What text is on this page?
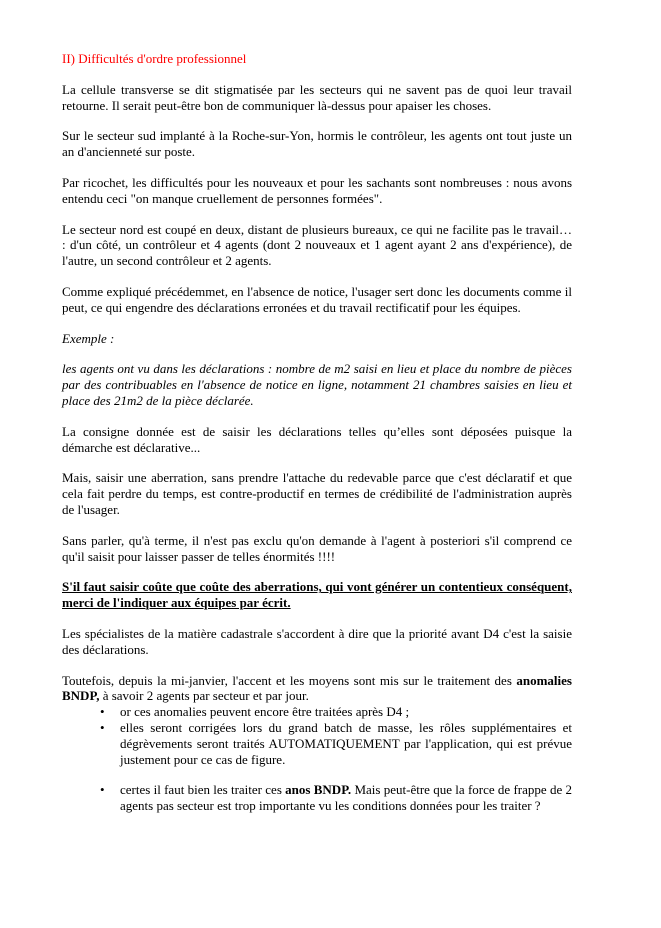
II) Difficultés d'ordre professionnel

La cellule transverse se dit stigmatisée par les secteurs qui ne savent pas de quoi leur travail retourne. Il serait peut-être bon de communiquer là-dessus pour apaiser les choses.

Sur le secteur sud implanté à la Roche-sur-Yon, hormis le contrôleur, les agents ont tout juste un an d'ancienneté sur poste.

Par ricochet, les difficultés pour les nouveaux et pour les sachants sont nombreuses : nous avons entendu ceci "on manque cruellement de personnes formées".

Le secteur nord est coupé en deux, distant de plusieurs bureaux, ce qui ne facilite pas le travail… : d'un côté, un contrôleur et 4 agents (dont 2 nouveaux et 1 agent ayant 2 ans d'expérience), de l'autre, un second contrôleur et 2 agents.

Comme expliqué précédemmet, en l'absence de notice, l'usager sert donc les documents comme il peut, ce qui engendre des déclarations erronées et du travail rectificatif pour les équipes.

Exemple :

les agents ont vu dans les déclarations : nombre de m2 saisi en lieu et place du nombre de pièces par des contribuables en l'absence de notice en ligne, notamment 21 chambres saisies en lieu et place des 21m2 de la pièce déclarée.

La consigne donnée est de saisir les déclarations telles qu’elles sont déposées puisque la démarche est déclarative...

Mais, saisir une aberration, sans prendre l'attache du redevable parce que c'est déclaratif et que cela fait perdre du temps, est contre-productif en termes de crédibilité de l'administration auprès de l'usager.

Sans parler, qu'à terme, il n'est pas exclu qu'on demande à l'agent à posteriori s'il comprend ce qu'il saisit pour laisser passer de telles énormités !!!!

S'il faut saisir coûte que coûte des aberrations, qui vont générer un contentieux conséquent, merci de l'indiquer aux équipes par écrit.

Les spécialistes de la matière cadastrale s'accordent à dire que la priorité avant D4 c'est la saisie des déclarations.

Toutefois, depuis la mi-janvier, l'accent et les moyens sont mis sur le traitement des anomalies BNDP, à savoir 2 agents par secteur et par jour.

•	or ces anomalies peuvent encore être traitées après D4 ;
•	elles seront corrigées lors du grand batch de masse, les rôles supplémentaires et dégrèvements seront traités AUTOMATIQUEMENT par l'application, qui est prévue justement pour ce cas de figure.
•	certes il faut bien les traiter ces anos BNDP. Mais peut-être que la force de frappe de 2 agents pas secteur est trop importante vu les conditions données pour les traiter ?
